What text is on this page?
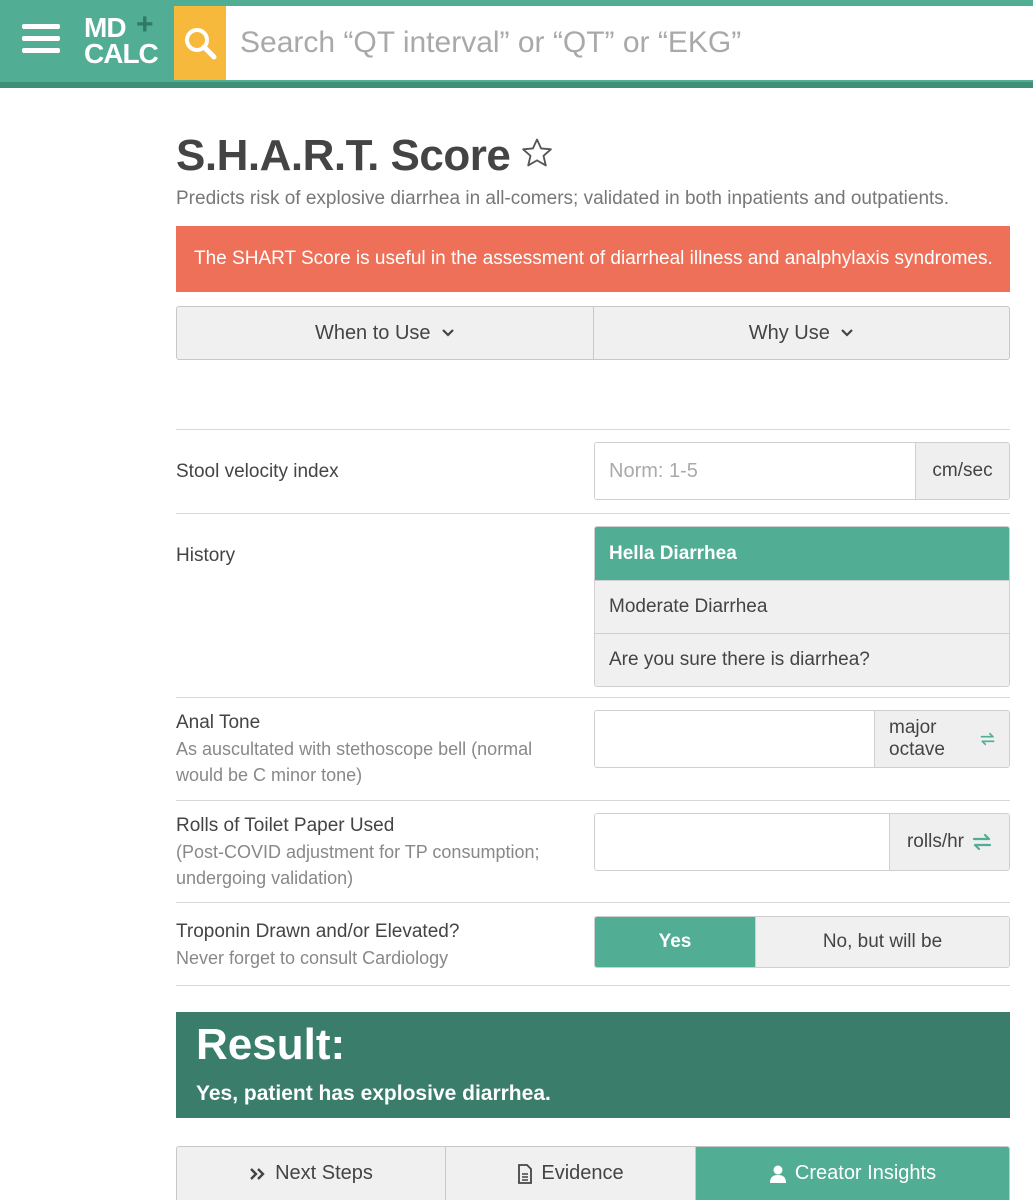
MD +
CALC
Search “QT interval” or “QT” or “EKG”
S.H.A.R.T. Score
Predicts risk of explosive diarrhea in all-comers; validated in both inpatients and outpatients.
The SHART Score is useful in the assessment of diarrheal illness and analphylaxis syndromes.
When to Use	Why Use
Stool velocity index
Norm: 1-5	cm/sec
History	Hella Diarrhea
Moderate Diarrhea
Are you sure there is diarrhea?
Anal Tone
As auscultated with stethoscope bell (normal would be C minor tone)
major octave
Rolls of Toilet Paper Used
(Post-COVID adjustment for TP consumption; undergoing validation)
rolls/hr
Troponin Drawn and/or Elevated?
Never forget to consult Cardiology
Yes	No, but will be
Result:
Yes, patient has explosive diarrhea.
Next Steps	Evidence	Creator Insights
